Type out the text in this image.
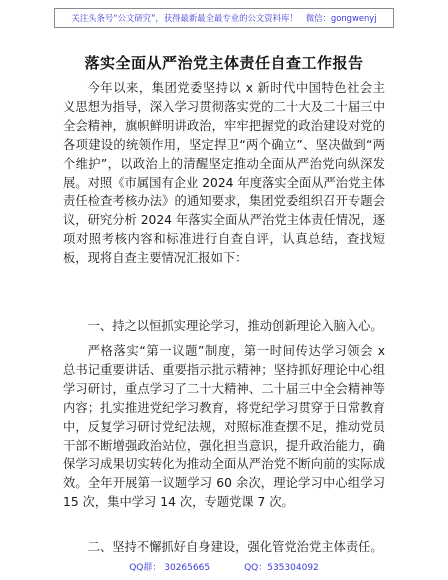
关注头条号“公文研究”，获得最新最全最专业的公文资料库！ 微信：gongwenyj
落实全面从严治党主体责任自查工作报告
今年以来，集团党委坚持以 x 新时代中国特色社会主义思想为指导，深入学习贯彻落实党的二十大及二十届三中全会精神，旗帜鲜明讲政治，牢牢把握党的政治建设对党的各项建设的统领作用，坚定捍卫“两个确立”、坚决做到“两个维护”，以政治上的清醒坚定推动全面从严治党向纵深发展。对照《市属国有企业 2024 年度落实全面从严治党主体责任检查考核办法》的通知要求，集团党委组织召开专题会议，研究分析 2024 年落实全面从严治党主体责任情况，逐项对照考核内容和标准进行自查自评，认真总结，查找短板，现将自查主要情况汇报如下：
一、持之以恒抓实理论学习，推动创新理论入脑入心。
严格落实“第一议题”制度，第一时间传达学习领会 x 总书记重要讲话、重要指示批示精神；坚持抓好理论中心组学习研讨，重点学习了二十大精神、二十届三中全会精神等内容；扎实推进党纪学习教育，将党纪学习贯穿于日常教育中，反复学习研讨党纪法规，对照标准查摆不足，推动党员干部不断增强政治站位，强化担当意识，提升政治能力，确保学习成果切实转化为推动全面从严治党不断向前的实际成效。全年开展第一议题学习 60 余次，理论学习中心组学习 15 次，集中学习 14 次，专题党课 7 次。
二、坚持不懈抓好自身建设，强化管党治党主体责任。
QQ群： 30265665	QQ：535304092
